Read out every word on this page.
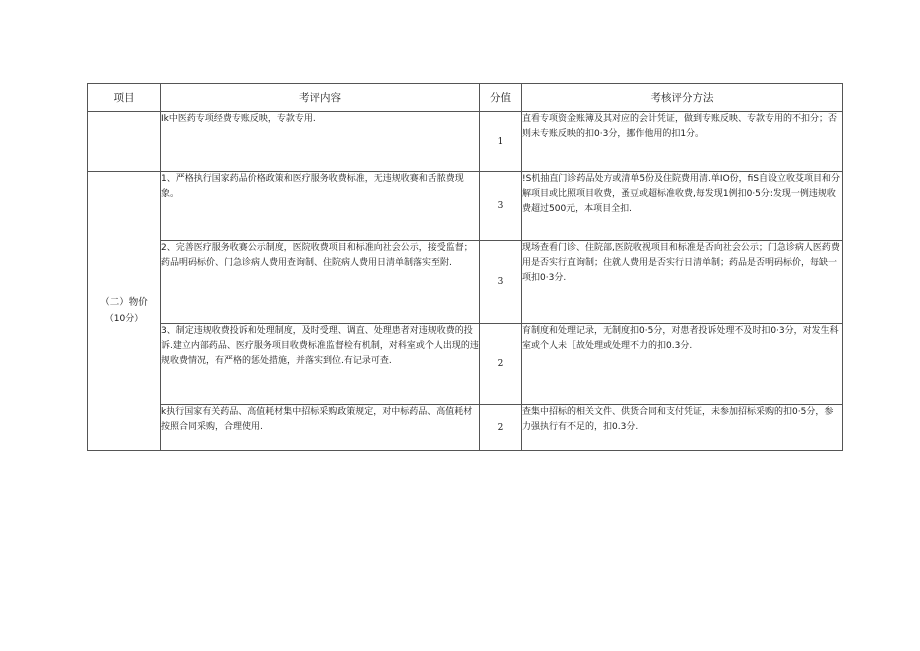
项目	考评内容	分值	考核评分方法
	Ik中医药专项经费专账反映，专款专用.	1	直看专项资金账簿及其对应的会计凭证，做到专账反映、专款专用的不扣分；否则未专账反映的扣0·3分，挪作他用的扣1分。

（二）物价
（10分）	1、严格执行国家药品价格政策和医疗服务收费标准，无违规收赛和舌脓费现象。	3	!S机抽直门诊药品处方或清单5份及住院费用清.单IO份，fiS自设立收芟项目和分解项目或比照项目收费，蚤豆或超标准收费,每发现1例扣0·5分:发现一例违规收费超过500元，本项目全扣.
	2、完善医疗服务收赛公示制度，医院收费项目和标准向社会公示，接受监督；药品明码标价、门急诊病人费用查询制、住院病人费用日清单制落实至附.	3	现场查看门诊、住院部,医院收视项目和标准是否向社会公示；门急诊病人医药费用是否实行直询制；住就人费用是否实行日清单制；药品是否明码标价，每缺一项扣0·3分.
	3、制定违规收费投诉和处理制度，及时受理、调直、处理患者对违规收费的投诉.建立内部药品、医疗服务项目收费标准监督检有机制，对科室或个人出现的违规收费情况，有严格的惩处措施，并落实到位.有记录可查.	2	育制度和处理记录，无制度扣0·5分，对患者投诉处理不及时扣0·3分，对发生科室或个人未［故处理或处理不力的扣0.3分.
	k执行国家有关药品、高值耗材集中招标采购政策规定，对中标药品、高值耗材按照合同采购，合理使用.	2	查集中招标的相关文件、供货合同和支付凭证，未参加招标采购的扣0·5分，参力强执行有不足的，扣0.3分.
